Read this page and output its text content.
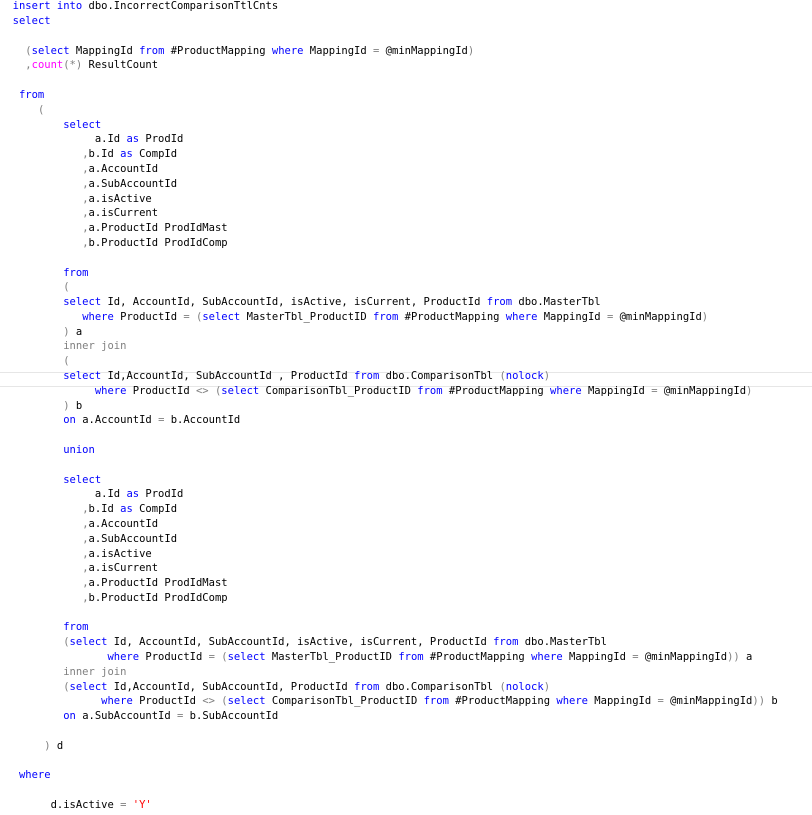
insert into dbo.IncorrectComparisonTtlCnts
select
(select MappingId from #ProductMapping where MappingId = @minMappingId)
,count(*) ResultCount
from
(
select
a.Id as ProdId
,b.Id as CompId
,a.AccountId
,a.SubAccountId
,a.isActive
,a.isCurrent
,a.ProductId ProdIdMast
,b.ProductId ProdIdComp
from
(
select Id, AccountId, SubAccountId, isActive, isCurrent, ProductId from dbo.MasterTbl
where ProductId = (select MasterTbl_ProductID from #ProductMapping where MappingId = @minMappingId)
) a
inner join
(
select Id,AccountId, SubAccountId , ProductId from dbo.ComparisonTbl (nolock)
where ProductId <> (select ComparisonTbl_ProductID from #ProductMapping where MappingId = @minMappingId)
) b
on a.AccountId = b.AccountId
union
select
a.Id as ProdId
,b.Id as CompId
,a.AccountId
,a.SubAccountId
,a.isActive
,a.isCurrent
,a.ProductId ProdIdMast
,b.ProductId ProdIdComp
from
(select Id, AccountId, SubAccountId, isActive, isCurrent, ProductId from dbo.MasterTbl
where ProductId = (select MasterTbl_ProductID from #ProductMapping where MappingId = @minMappingId)) a
inner join
(select Id,AccountId, SubAccountId, ProductId from dbo.ComparisonTbl (nolock)
where ProductId <> (select ComparisonTbl_ProductID from #ProductMapping where MappingId = @minMappingId)) b
on a.SubAccountId = b.SubAccountId
) d
where
d.isActive = 'Y'
